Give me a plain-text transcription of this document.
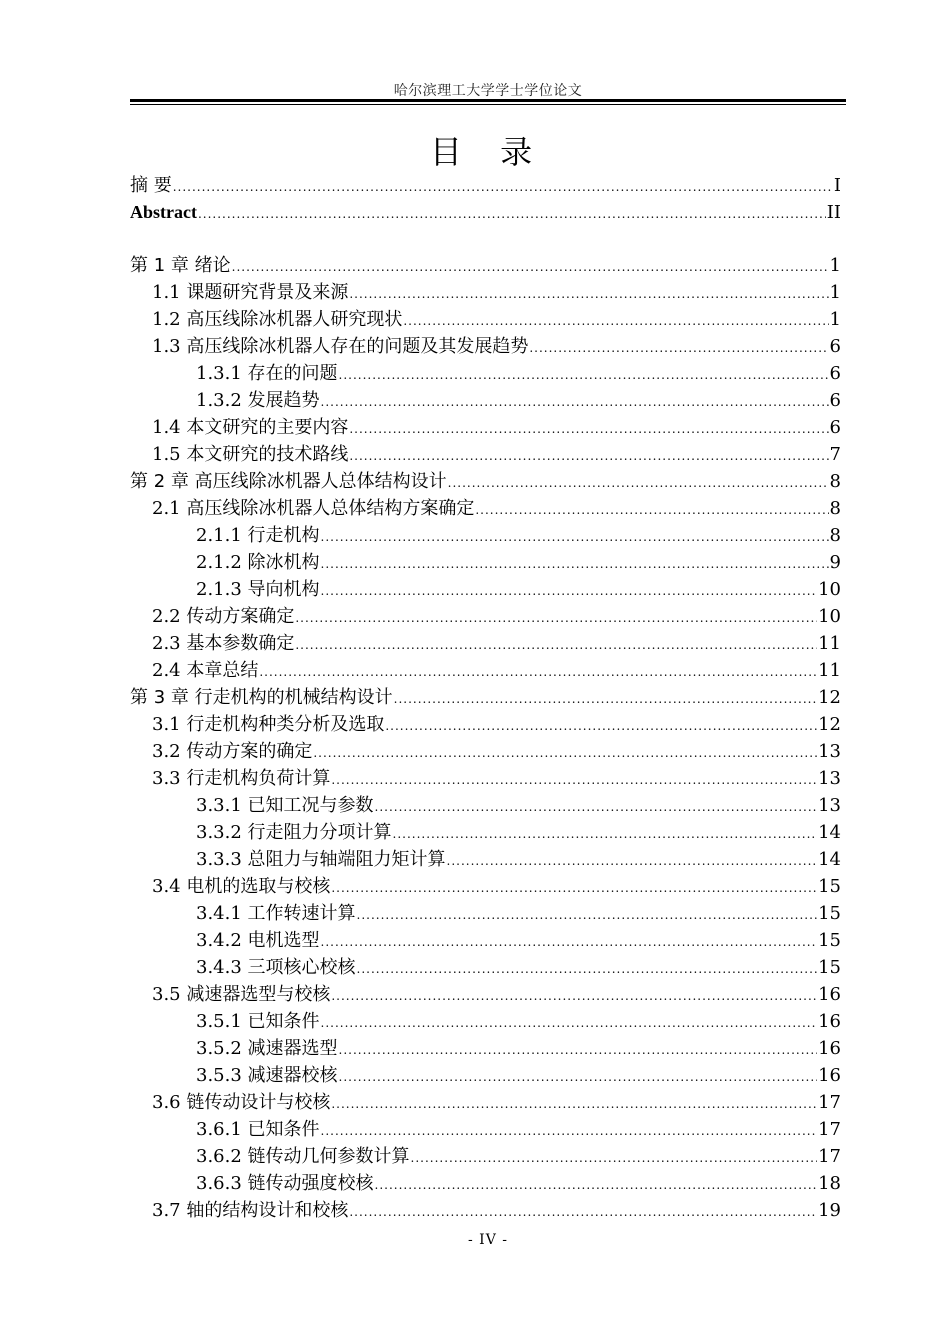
哈尔滨理工大学学士学位论文
目 录
摘 要 .....	I
Abstract .....	II
第 1 章 绪论 .....	1
1.1 课题研究背景及来源 .....	1
1.2 高压线除冰机器人研究现状 .....	1
1.3 高压线除冰机器人存在的问题及其发展趋势 .....	6
1.3.1 存在的问题 .....	6
1.3.2 发展趋势 .....	6
1.4 本文研究的主要内容 .....	6
1.5 本文研究的技术路线 .....	7
第 2 章 高压线除冰机器人总体结构设计 .....	8
2.1 高压线除冰机器人总体结构方案确定 .....	8
2.1.1 行走机构 .....	8
2.1.2 除冰机构 .....	9
2.1.3 导向机构 .....	10
2.2 传动方案确定 .....	10
2.3 基本参数确定 .....	11
2.4 本章总结 .....	11
第 3 章 行走机构的机械结构设计 .....	12
3.1 行走机构种类分析及选取 .....	12
3.2 传动方案的确定 .....	13
3.3 行走机构负荷计算 .....	13
3.3.1 已知工况与参数 .....	13
3.3.2 行走阻力分项计算 .....	14
3.3.3 总阻力与轴端阻力矩计算 .....	14
3.4 电机的选取与校核 .....	15
3.4.1 工作转速计算 .....	15
3.4.2 电机选型 .....	15
3.4.3 三项核心校核 .....	15
3.5 减速器选型与校核 .....	16
3.5.1 已知条件 .....	16
3.5.2 减速器选型 .....	16
3.5.3 减速器校核 .....	16
3.6 链传动设计与校核 .....	17
3.6.1 已知条件 .....	17
3.6.2 链传动几何参数计算 .....	17
3.6.3 链传动强度校核 .....	18
3.7 轴的结构设计和校核 .....	19
- IV -
